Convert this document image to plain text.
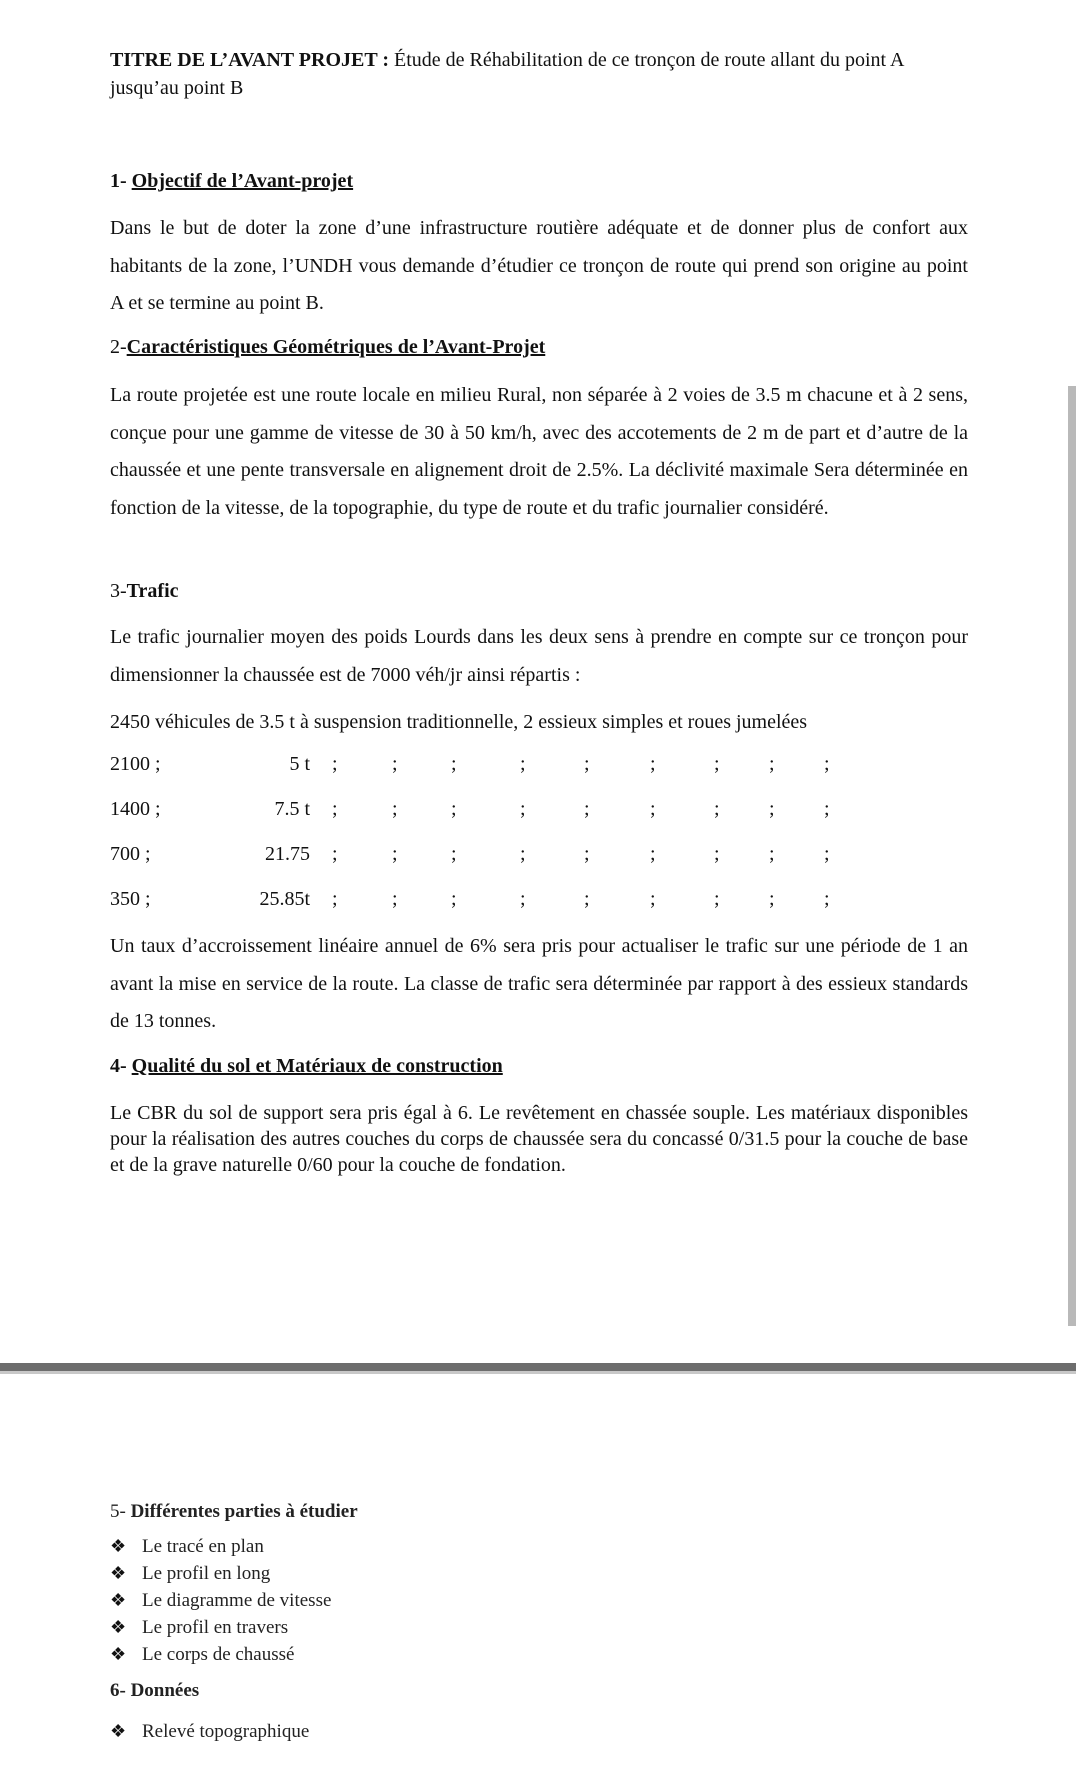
TITRE DE L’AVANT PROJET : Étude de Réhabilitation de ce tronçon de route allant du point A jusqu’au point B
1- Objectif de l’Avant-projet
Dans le but de doter la zone d’une infrastructure routière adéquate et de donner plus de confort aux habitants de la zone, l’UNDH vous demande d’étudier ce tronçon de route qui prend son origine au point A et se termine au point B.
2-Caractéristiques Géométriques de l’Avant-Projet
La route projetée est une route locale en milieu Rural, non séparée à 2 voies de 3.5 m chacune et à 2 sens, conçue pour une gamme de vitesse de 30 à 50 km/h, avec des accotements de 2 m de part et d’autre de la chaussée et une pente transversale en alignement droit de 2.5%. La déclivité maximale Sera déterminée en fonction de la vitesse, de la topographie, du type de route et du trafic journalier considéré.
3-Trafic
Le trafic journalier moyen des poids Lourds dans les deux sens à prendre en compte sur ce tronçon pour dimensionner la chaussée est de 7000 véh/jr ainsi répartis :
2450 véhicules de 3.5 t à suspension traditionnelle, 2 essieux simples et roues jumelées
2100 ;	5 t ;	;	;	;	;	;	; ; ;
1400 ;	7.5 t ;	;	;	;	;	;	; ; ;
700 ;	21.75 ;	;	;	;	;	;	; ; ;
350 ;	25.85t ;	;	;	;	;	;	; ; ;
Un taux d’accroissement linéaire annuel de 6% sera pris pour actualiser le trafic sur une période de 1 an avant la mise en service de la route. La classe de trafic sera déterminée par rapport à des essieux standards de 13 tonnes.
4- Qualité du sol et Matériaux de construction
Le CBR du sol de support sera pris égal à 6. Le revêtement en chassée souple. Les matériaux disponibles pour la réalisation des autres couches du corps de chaussée sera du concassé 0/31.5 pour la couche de base et de la grave naturelle 0/60 pour la couche de fondation.
5- Différentes parties à étudier
❖ Le tracé en plan
❖ Le profil en long
❖ Le diagramme de vitesse
❖ Le profil en travers
❖ Le corps de chaussé
6- Données
❖ Relevé topographique
